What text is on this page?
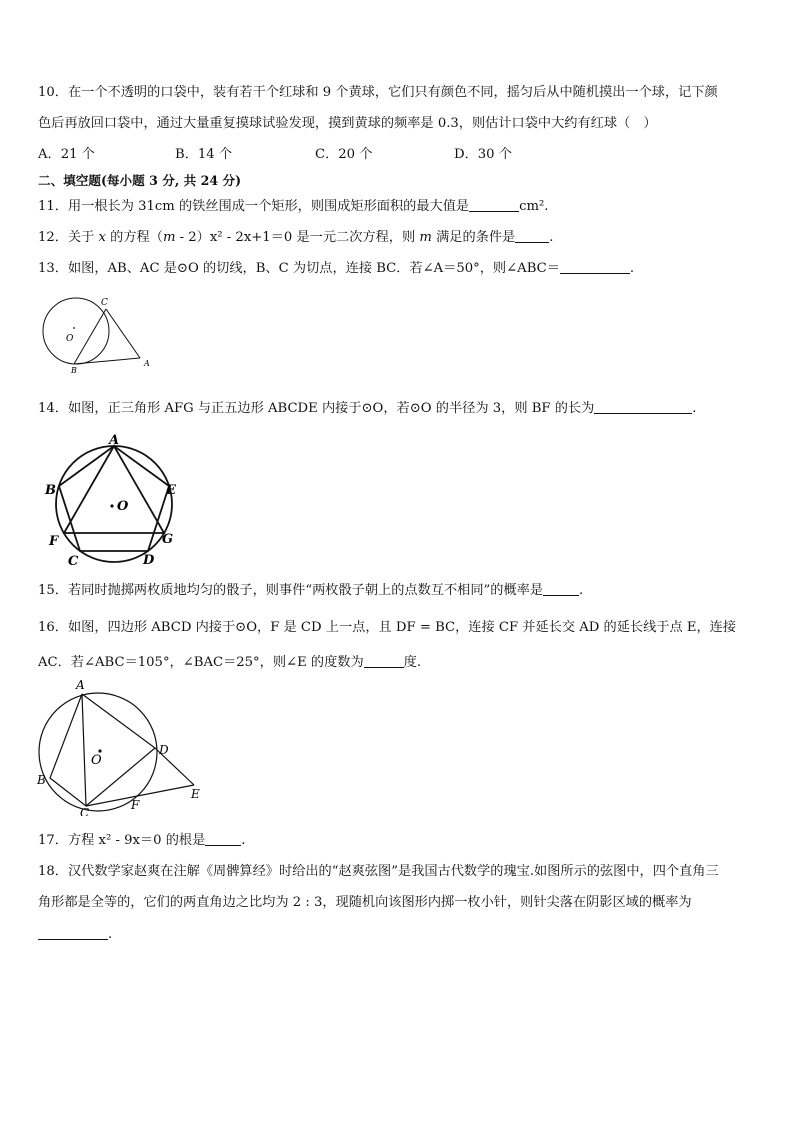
10．在一个不透明的口袋中，装有若干个红球和 9 个黄球，它们只有颜色不同，摇匀后从中随机摸出一个球，记下颜
色后再放回口袋中，通过大量重复摸球试验发现，摸到黄球的频率是 0.3，则估计口袋中大约有红球（　）
A．21 个	B．14 个	C．20 个	D．30 个
二、填空题(每小题 3 分, 共 24 分)
11．用一根长为 31cm 的铁丝围成一个矩形，则围成矩形面积的最大值是	cm².
12．关于 x 的方程（m - 2）x² - 2x+1＝0 是一元二次方程，则 m 满足的条件是	.
13．如图，AB、AC 是⊙O 的切线，B、C 为切点，连接 BC．若∠A＝50°，则∠ABC＝	.
C
O
B
A
14．如图，正三角形 AFG 与正五边形 ABCDE 内接于⊙O，若⊙O 的半径为 3，则 BF 的长为	.
A
B	E
O
F	G
C	D
15．若同时抛掷两枚质地均匀的骰子，则事件“两枚骰子朝上的点数互不相同”的概率是	.
16．如图，四边形 ABCD 内接于⊙O，F 是 CD 上一点，且 DF = BC，连接 CF 并延长交 AD 的延长线于点 E，连接
AC．若∠ABC＝105°，∠BAC＝25°，则∠E 的度数为	度.
A
O
D
B
C
F
E
17．方程 x² - 9x＝0 的根是	.
18．汉代数学家赵爽在注解《周髀算经》时给出的“赵爽弦图”是我国古代数学的瑰宝.如图所示的弦图中，四个直角三
角形都是全等的，它们的两直角边之比均为 2 : 3，现随机向该图形内掷一枚小针，则针尖落在阴影区域的概率为
.
